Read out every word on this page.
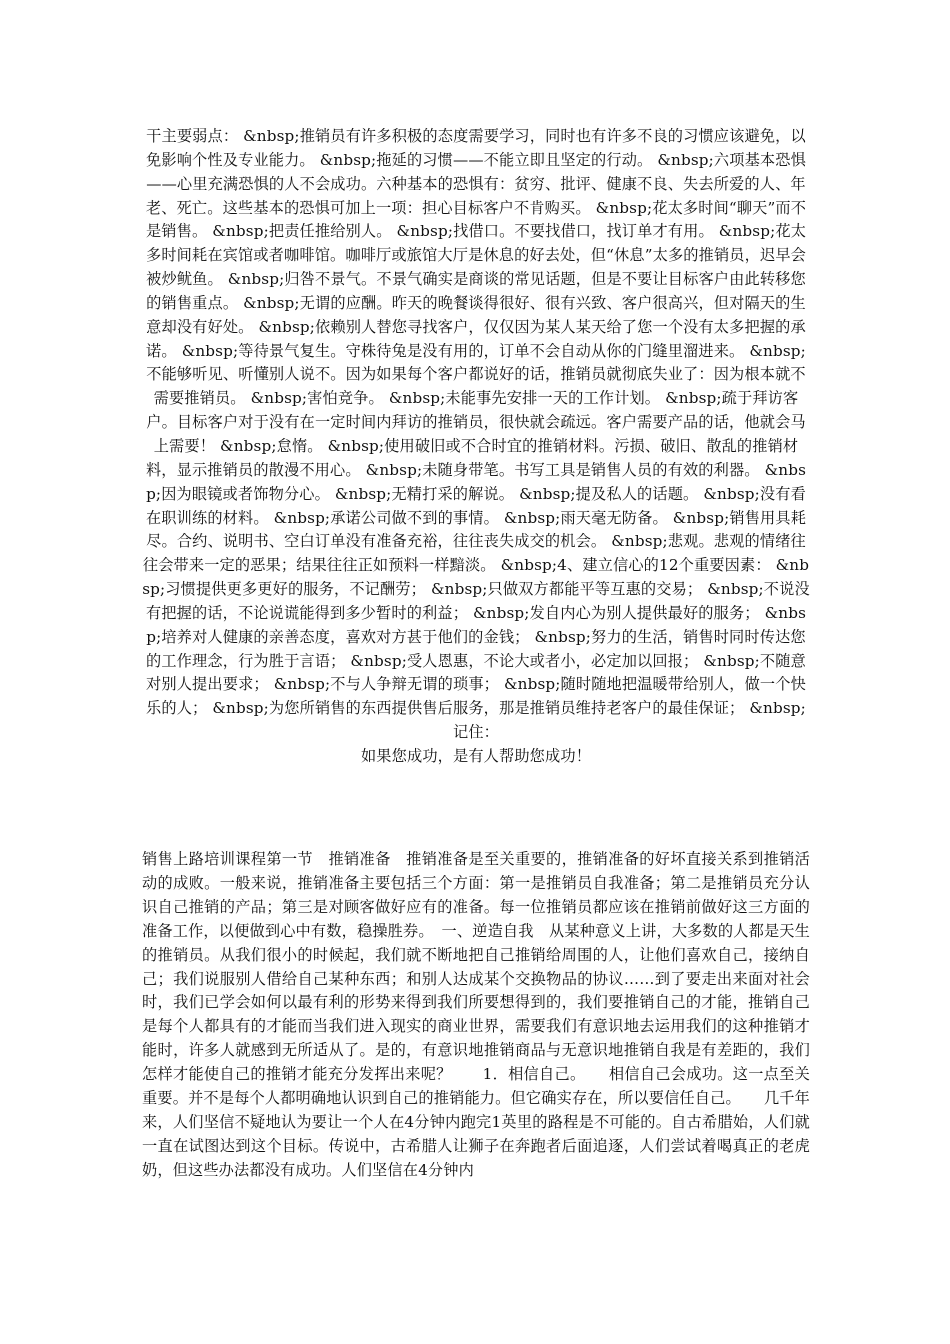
干主要弱点： &nbsp;推销员有许多积极的态度需要学习，同时也有许多不良的习惯应该避免，以免影响个性及专业能力。 &nbsp;拖延的习惯——不能立即且坚定的行动。 &nbsp;六项基本恐惧——心里充满恐惧的人不会成功。六种基本的恐惧有：贫穷、批评、健康不良、失去所爱的人、年老、死亡。这些基本的恐惧可加上一项：担心目标客户不肯购买。 &nbsp;花太多时间“聊天”而不是销售。 &nbsp;把责任推给别人。 &nbsp;找借口。不要找借口，找订单才有用。 &nbsp;花太多时间耗在宾馆或者咖啡馆。咖啡厅或旅馆大厅是休息的好去处，但“休息”太多的推销员，迟早会被炒鱿鱼。 &nbsp;归咎不景气。不景气确实是商谈的常见话题，但是不要让目标客户由此转移您的销售重点。 &nbsp;无谓的应酬。昨天的晚餐谈得很好、很有兴致、客户很高兴，但对隔天的生意却没有好处。 &nbsp;依赖别人替您寻找客户，仅仅因为某人某天给了您一个没有太多把握的承诺。 &nbsp;等待景气复生。守株待兔是没有用的，订单不会自动从你的门缝里溜进来。 &nbsp;不能够听见、听懂别人说不。因为如果每个客户都说好的话，推销员就彻底失业了：因为根本就不需要推销员。 &nbsp;害怕竞争。 &nbsp;未能事先安排一天的工作计划。 &nbsp;疏于拜访客户。目标客户对于没有在一定时间内拜访的推销员，很快就会疏远。客户需要产品的话，他就会马上需要！ &nbsp;怠惰。 &nbsp;使用破旧或不合时宜的推销材料。污损、破旧、散乱的推销材料，显示推销员的散漫不用心。 &nbsp;未随身带笔。书写工具是销售人员的有效的利器。 &nbsp;因为眼镜或者饰物分心。 &nbsp;无精打采的解说。 &nbsp;提及私人的话题。 &nbsp;没有看在职训练的材料。 &nbsp;承诺公司做不到的事情。 &nbsp;雨天毫无防备。 &nbsp;销售用具耗尽。合约、说明书、空白订单没有准备充裕，往往丧失成交的机会。 &nbsp;悲观。悲观的情绪往往会带来一定的恶果；结果往往正如预料一样黯淡。 &nbsp;4、建立信心的12个重要因素： &nbsp;习惯提供更多更好的服务，不记酬劳； &nbsp;只做双方都能平等互惠的交易； &nbsp;不说没有把握的话，不论说谎能得到多少暂时的利益； &nbsp;发自内心为别人提供最好的服务； &nbsp;培养对人健康的亲善态度，喜欢对方甚于他们的金钱； &nbsp;努力的生活，销售时同时传达您的工作理念，行为胜于言语； &nbsp;受人恩惠，不论大或者小，必定加以回报； &nbsp;不随意对别人提出要求； &nbsp;不与人争辩无谓的琐事； &nbsp;随时随地把温暖带给别人，做一个快乐的人； &nbsp;为您所销售的东西提供售后服务，那是推销员维持老客户的最佳保证； &nbsp;记住：

如果您成功，是有人帮助您成功！

销售上路培训课程第一节　推销准备　推销准备是至关重要的，推销准备的好坏直接关系到推销活动的成败。一般来说，推销准备主要包括三个方面：第一是推销员自我准备；第二是推销员充分认识自己推销的产品；第三是对顾客做好应有的准备。每一位推销员都应该在推销前做好这三方面的准备工作，以便做到心中有数，稳操胜券。　一、逆造自我　从某种意义上讲，大多数的人都是天生的推销员。从我们很小的时候起，我们就不断地把自己推销给周围的人，让他们喜欢自己，接纳自己；我们说服别人借给自己某种东西；和别人达成某个交换物品的协议……到了要走出来面对社会时，我们已学会如何以最有利的形势来得到我们所要想得到的，我们要推销自己的才能，推销自己是每个人都具有的才能而当我们进入现实的商业世界，需要我们有意识地去运用我们的这种推销才能时，许多人就感到无所适从了。是的，有意识地推销商品与无意识地推销自我是有差距的，我们怎样才能使自己的推销才能充分发挥出来呢？　　1．相信自己。　　相信自己会成功。这一点至关重要。并不是每个人都明确地认识到自己的推销能力。但它确实存在，所以要信任自己。　　几千年来，人们坚信不疑地认为要让一个人在4分钟内跑完1英里的路程是不可能的。自古希腊始，人们就一直在试图达到这个目标。传说中，古希腊人让狮子在奔跑者后面追逐，人们尝试着喝真正的老虎奶，但这些办法都没有成功。人们坚信在4分钟内
